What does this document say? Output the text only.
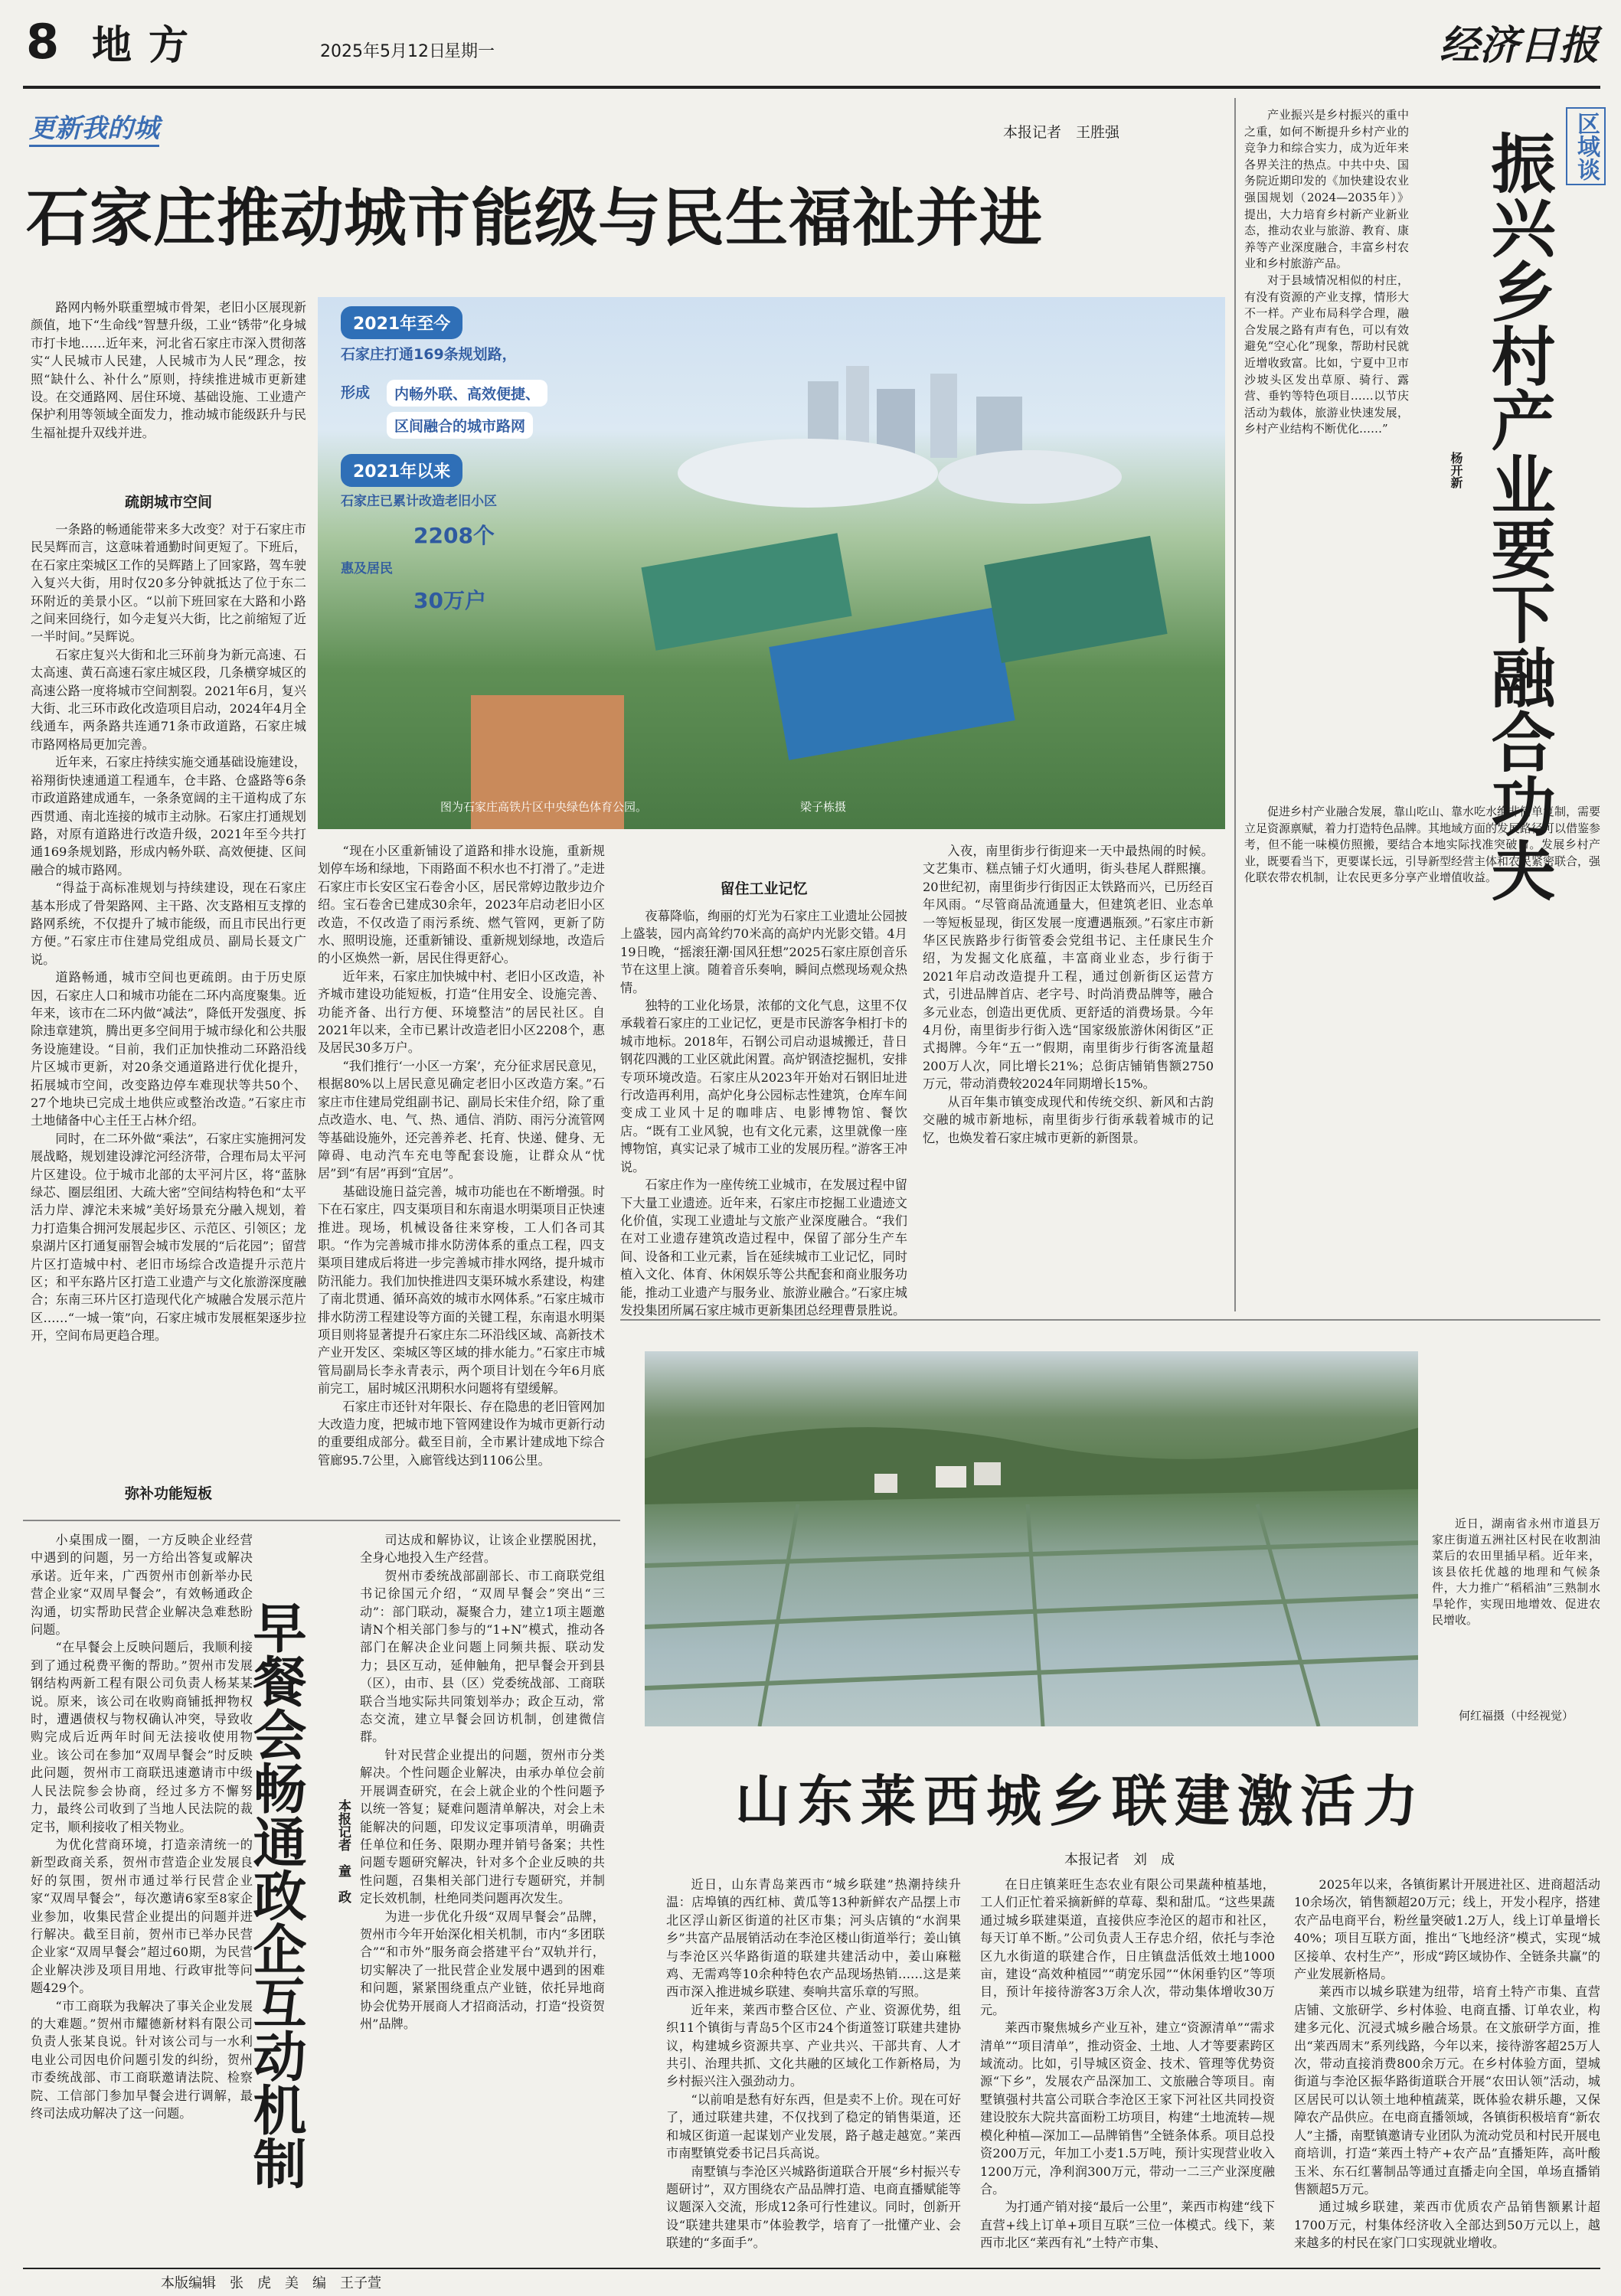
8 地方	2025年5月12日
星期一	经济日报
更新我的城	本报记者　王胜强
石家庄推动城市能级与民生福祉并进

路网内畅外联重塑城市骨架，老旧小区展现新颜值，地下“生命线”智慧升级，工业“锈带”化身城市打卡地……近年来，河北省石家庄市深入贯彻落实“人民城市人民建，人民城市为人民”理念，按照“缺什么、补什么”原则，持续推进城市更新建设。在交通路网、居住环境、基础设施、工业遗产保护利用等领域全面发力，推动城市能级跃升与民生福祉提升双线并进。

疏朗城市空间

一条路的畅通能带来多大改变？对于石家庄市民吴辉而言，这意味着通勤时间更短了。下班后，在石家庄栾城区工作的吴辉踏上了回家路，驾车驶入复兴大街，用时仅20多分钟就抵达了位于东二环附近的美景小区。“以前下班回家在大路和小路之间来回绕行，如今走复兴大街，比之前缩短了近一半时间。”吴辉说。

石家庄复兴大街和北三环前身为新元高速、石太高速、黄石高速石家庄城区段，几条横穿城区的高速公路一度将城市空间割裂。2021年6月，复兴大街、北三环市政化改造项目启动，2024年4月全线通车，两条路共连通71条市政道路，石家庄城市路网格局更加完善。

近年来，石家庄持续实施交通基础设施建设，裕翔街快速通道工程通车，仓丰路、仓盛路等6条市政道路建成通车，一条条宽阔的主干道构成了东西贯通、南北连接的城市主动脉。石家庄打通规划路，对原有道路进行改造升级，2021年至今共打通169条规划路，形成内畅外联、高效便捷、区间融合的城市路网。

“得益于高标准规划与持续建设，现在石家庄基本形成了骨架路网、主干路、次支路相互支撑的路网系统，不仅提升了城市能级，而且市民出行更方便。”石家庄市住建局党组成员、副局长聂文广说。

道路畅通，城市空间也更疏朗。由于历史原因，石家庄人口和城市功能在二环内高度聚集。近年来，该市在二环内做“减法”，降低开发强度、拆除违章建筑，腾出更多空间用于城市绿化和公共服务设施建设。“目前，我们正加快推动二环路沿线片区城市更新，对20条交通道路进行优化提升，拓展城市空间，改变路边停车难现状等共50个、27个地块已完成土地供应或整治改造。”石家庄市土地储备中心主任王占林介绍。

同时，在二环外做“乘法”，石家庄实施拥河发展战略，规划建设滹沱河经济带，合理布局太平河片区建设。位于城市北部的太平河片区，将“蓝脉绿芯、圈层组团、大疏大密”空间结构特色和“太平活力岸、滹沱未来城”美好场景充分融入规划，着力打造集合拥河发展起步区、示范区、引领区；龙泉湖片区打通复丽智会城市发展的“后花园”；留营片区打造城中村、老旧市场综合改造提升示范片区；和平东路片区打造工业遗产与文化旅游深度融合；东南三环片区打造现代化产城融合发展示范片区……“一城一策”向，石家庄城市发展框架逐步拉开，空间布局更趋合理。

弥补功能短板
2021年至今
石家庄打通169条规划路，
形成	内畅外联、高效便捷、
区间融合的城市路网
2021年以来
石家庄已累计改造老旧小区
2208个
惠及居民
30万户
图为石家庄高铁片区中央绿色体育公园。	梁子栋摄

“现在小区重新铺设了道路和排水设施，重新规划停车场和绿地，下雨路面不积水也不打滑了。”走进石家庄市长安区宝石卷舍小区，居民常婷边散步边介绍。宝石卷舍已建成30余年，2023年启动老旧小区改造，不仅改造了雨污系统、燃气管网，更新了防水、照明设施，还重新铺设、重新规划绿地，改造后的小区焕然一新，居民住得更舒心。

近年来，石家庄加快城中村、老旧小区改造，补齐城市建设功能短板，打造“住用安全、设施完善、功能齐备、出行方便、环境整洁”的居民社区。自2021年以来，全市已累计改造老旧小区2208个，惠及居民30多万户。

“我们推行‘一小区一方案’，充分征求居民意见，根据80%以上居民意见确定老旧小区改造方案。”石家庄市住建局党组副书记、副局长宋佳介绍，除了重点改造水、电、气、热、通信、消防、雨污分流管网等基础设施外，还完善养老、托育、快递、健身、无障碍、电动汽车充电等配套设施，让群众从“忧居”到“有居”再到“宜居”。

基础设施日益完善，城市功能也在不断增强。时下在石家庄，四支渠项目和东南退水明渠项目正快速推进。现场，机械设备往来穿梭，工人们各司其职。“作为完善城市排水防涝体系的重点工程，四支渠项目建成后将进一步完善城市排水网络，提升城市防汛能力。我们加快推进四支渠环城水系建设，构建了南北贯通、循环高效的城市水网体系。”石家庄城市排水防涝工程建设等方面的关键工程，东南退水明渠项目则将显著提升石家庄东二环沿线区域、高新技术产业开发区、栾城区等区域的排水能力。”石家庄市城管局副局长李永青表示，两个项目计划在今年6月底前完工，届时城区汛期积水问题将有望缓解。

石家庄市还针对年限长、存在隐患的老旧管网加大改造力度，把城市地下管网建设作为城市更新行动的重要组成部分。截至目前，全市累计建成地下综合管廊95.7公里，入廊管线达到1106公里。

留住工业记忆

夜幕降临，绚丽的灯光为石家庄工业遗址公园披上盛装，园内高耸约70米高的高炉内光影交错。4月19日晚，“摇滚狂潮·国风狂想”2025石家庄原创音乐节在这里上演。随着音乐奏响，瞬间点燃现场观众热情。

独特的工业化场景，浓郁的文化气息，这里不仅承载着石家庄的工业记忆，更是市民游客争相打卡的城市地标。2018年，石钢公司启动退城搬迁，昔日钢花四溅的工业区就此闲置。高炉钢渣挖掘机，安排专项环境改造。石家庄从2023年开始对石钢旧址进行改造再利用，高炉化身公园标志性建筑，仓库车间变成工业风十足的咖啡店、电影博物馆、餐饮店。“既有工业风貌，也有文化元素，这里就像一座博物馆，真实记录了城市工业的发展历程。”游客王冲说。

石家庄作为一座传统工业城市，在发展过程中留下大量工业遗迹。近年来，石家庄市挖掘工业遗迹文化价值，实现工业遗址与文旅产业深度融合。“我们在对工业遗存建筑改造过程中，保留了部分生产车间、设备和工业元素，旨在延续城市工业记忆，同时植入文化、体育、休闲娱乐等公共配套和商业服务功能，推动工业遗产与服务业、旅游业融合。”石家庄城发投集团所属石家庄城市更新集团总经理曹景胜说。

入夜，南里街步行街迎来一天中最热闹的时候。文艺集市、糕点铺子灯火通明，街头巷尾人群熙攘。20世纪初，南里街步行街因正太铁路而兴，已历经百年风雨。“尽管商品流通量大，但建筑老旧、业态单一等短板显现，街区发展一度遭遇瓶颈。”石家庄市新华区民族路步行街管委会党组书记、主任康民生介绍，为发掘文化底蕴，丰富商业业态，步行街于2021年启动改造提升工程，通过创新街区运营方式，引进品牌首店、老字号、时尚消费品牌等，融合多元业态，创造出更优质、更舒适的消费场景。今年4月份，南里街步行街入选“国家级旅游休闲街区”正式揭牌。今年“五一”假期，南里街步行街客流量超200万人次，同比增长21%；总街店铺销售额2750万元，带动消费较2024年同期增长15%。

从百年集市镇变成现代和传统交织、新风和古韵交融的城市新地标，南里街步行街承载着城市的记忆，也焕发着石家庄城市更新的新图景。

产业振兴是乡村振兴的重中之重，如何不断提升乡村产业的竞争力和综合实力，成为近年来各界关注的热点。中共中央、国务院近期印发的《加快建设农业强国规划（2024—2035年）》提出，大力培育乡村新产业新业态，推动农业与旅游、教育、康养等产业深度融合，丰富乡村农业和乡村旅游产品。

对于县域情况相似的村庄，有没有资源的产业支撑，情形大不一样。产业布局科学合理，融合发展之路有声有色，可以有效避免“空心化”现象，帮助村民就近增收致富。比如，宁夏中卫市沙坡头区发出草原、骑行、露营、垂钓等特色项目……以节庆活动为载体，旅游业快速发展，乡村产业结构不断优化……”

区域谈
振兴乡村产业要下融合功夫
杨开新

促进乡村产业融合发展，靠山吃山、靠水吃水绝非简单复制，需要立足资源禀赋，着力打造特色品牌。其地域方面的发展路径可以借鉴参考，但不能一味模仿照搬，要结合本地实际找准突破口。发展乡村产业，既要看当下，更要谋长远，引导新型经营主体和农民紧密联合，强化联农带农机制，让农民更多分享产业增值收益。

小桌围成一圈，一方反映企业经营中遇到的问题，另一方给出答复或解决承诺。近年来，广西贺州市创新举办民营企业家“双周早餐会”，有效畅通政企沟通，切实帮助民营企业解决急难愁盼问题。

“在早餐会上反映问题后，我顺利接到了通过税费平衡的帮助。”贺州市发展钢结构两新工程有限公司负责人杨某某说。原来，该公司在收购商铺抵押物权时，遭遇债权与物权确认冲突，导致收购完成后近两年时间无法接收使用物业。该公司在参加“双周早餐会”时反映此问题，贺州市工商联迅速邀请市中级人民法院参会协商，经过多方不懈努力，最终公司收到了当地人民法院的裁定书，顺利接收了相关物业。

为优化营商环境，打造亲清统一的新型政商关系，贺州市营造企业发展良好的氛围，贺州市通过举行民营企业家“双周早餐会”，每次邀请6家至8家企业参加，收集民营企业提出的问题并进行解决。截至目前，贺州市已举办民营企业家“双周早餐会”超过60期，为民营企业解决涉及项目用地、行政审批等问题429个。

“市工商联为我解决了事关企业发展的大难题。”贺州市耀德新材料有限公司负责人张某良说。针对该公司与一水利电业公司因电价问题引发的纠纷，贺州市委统战部、市工商联邀请法院、检察院、工信部门参加早餐会进行调解，最终司法成功解决了这一问题。 早餐会畅通政企互动机制 本报记者　童　政

司达成和解协议，让该企业摆脱困扰，全身心地投入生产经营。

贺州市委统战部副部长、市工商联党组书记徐国元介绍，“双周早餐会”突出“三动”：部门联动，凝聚合力，建立1项主题邀请N个相关部门参与的“1+N”模式，推动各部门在解决企业问题上同频共振、联动发力；县区互动，延伸触角，把早餐会开到县（区），由市、县（区）党委统战部、工商联联合当地实际共同策划举办；政企互动，常态交流，建立早餐会回访机制，创建微信群。

针对民营企业提出的问题，贺州市分类解决。个性问题企业解决，由承办单位会前开展调查研究，在会上就企业的个性问题予以统一答复；疑难问题清单解决，对会上未能解决的问题，印发议定事项清单，明确责任单位和任务、限期办理并销号备案；共性问题专题研究解决，针对多个企业反映的共性问题，召集相关部门进行专题研究，并制定长效机制，杜绝同类问题再次发生。

为进一步优化升级“双周早餐会”品牌，贺州市今年开始深化相关机制，市内“多团联合”“和市外”服务商会搭建平台”双轨并行，切实解决了一批民营企业发展中遇到的困难和问题，紧紧围绕重点产业链，依托异地商协会优势开展商人才招商活动，打造“投资贺州”品牌。

近日，湖南省永州市道县万家庄街道五洲社区村民在收割油菜后的农田里插早稻。近年来，该县依托优越的地理和气候条件，大力推广“稻稻油”三熟制水旱轮作，实现田地增效、促进农民增收。

何红福摄（中经视觉）
山东莱西城乡联建激活力
本报记者　刘　成

近日，山东青岛莱西市“城乡联建”热潮持续升温：店埠镇的西红柿、黄瓜等13种新鲜农产品摆上市北区浮山新区街道的社区市集；河头店镇的“水润果乡”共富产品展销活动在李沧区楼山街道举行；姜山镇与李沧区兴华路街道的联建共建活动中，姜山麻糍鸡、无需鸡等10余种特色农产品现场热销……这是莱西市深入推进城乡联建、奏响共富乐章的写照。

近年来，莱西市整合区位、产业、资源优势，组织11个镇街与青岛5个区市24个街道签订联建共建协议，构建城乡资源共享、产业共兴、干部共育、人才共引、治理共抓、文化共融的区域化工作新格局，为乡村振兴注入强劲动力。

“以前咱是愁有好东西，但是卖不上价。现在可好了，通过联建共建，不仅找到了稳定的销售渠道，还和城区街道一起谋划产业发展，路子越走越宽。”莱西市南墅镇党委书记吕兵高说。

南墅镇与李沧区兴城路街道联合开展“乡村振兴专题研讨”，双方围绕农产品品牌打造、电商直播赋能等议题深入交流，形成12条可行性建议。同时，创新开设“联建共建果市”体验教学，培育了一批懂产业、会联建的“多面手”。

在日庄镇莱旺生态农业有限公司果蔬种植基地，工人们正忙着采摘新鲜的草莓、梨和甜瓜。“这些果蔬通过城乡联建渠道，直接供应李沧区的超市和社区，每天订单不断。”公司负责人王存忠介绍，依托与李沧区九水街道的联建合作，日庄镇盘活低效土地1000亩，建设“高效种植园”“萌宠乐园”“休闲垂钓区”等项目，预计年接待游客3万余人次，带动集体增收30万元。

莱西市聚焦城乡产业互补，建立“资源清单”“需求清单”“项目清单”，推动资金、土地、人才等要素跨区域流动。比如，引导城区资金、技术、管理等优势资源“下乡”，发展农产品深加工、文旅融合等项目。南墅镇强村共富公司联合李沧区王家下河社区共同投资建设胶东大院共富面粉工坊项目，构建“土地流转—规模化种植—深加工—品牌销售”全链条体系。项目总投资200万元，年加工小麦1.5万吨，预计实现营业收入1200万元，净利润300万元，带动一二三产业深度融合。

为打通产销对接“最后一公里”，莱西市构建“线下直营+线上订单+项目互联”三位一体模式。线下，莱西市北区“莱西有礼”土特产市集、

2025年以来，各镇街累计开展进社区、进商超活动10余场次，销售额超20万元；线上，开发小程序，搭建农产品电商平台，粉丝量突破1.2万人，线上订单量增长40%；项目互联方面，推出“飞地经济”模式，实现“城区接单、农村生产”，形成“跨区域协作、全链条共赢”的产业发展新格局。

莱西市以城乡联建为纽带，培育土特产市集、直营店铺、文旅研学、乡村体验、电商直播、订单农业，构建多元化、沉浸式城乡融合场景。在文旅研学方面，推出“莱西周末”系列线路，今年以来，接待游客超25万人次，带动直接消费800余万元。在乡村体验方面，望城街道与李沧区振华路街道联合开展“农田认领”活动，城区居民可以认领土地种植蔬菜，既体验农耕乐趣，又保障农产品供应。在电商直播领域，各镇街积极培育“新农人”主播，南墅镇邀请专业团队为流动党员和村民开展电商培训，打造“莱西土特产+农产品”直播矩阵，高叶酸玉米、东石红薯制品等通过直播走向全国，单场直播销售额超5万元。

通过城乡联建，莱西市优质农产品销售额累计超1700万元，村集体经济收入全部达到50万元以上，越来越多的村民在家门口实现就业增收。

本版编辑　张　虎　美　编　王子萱
